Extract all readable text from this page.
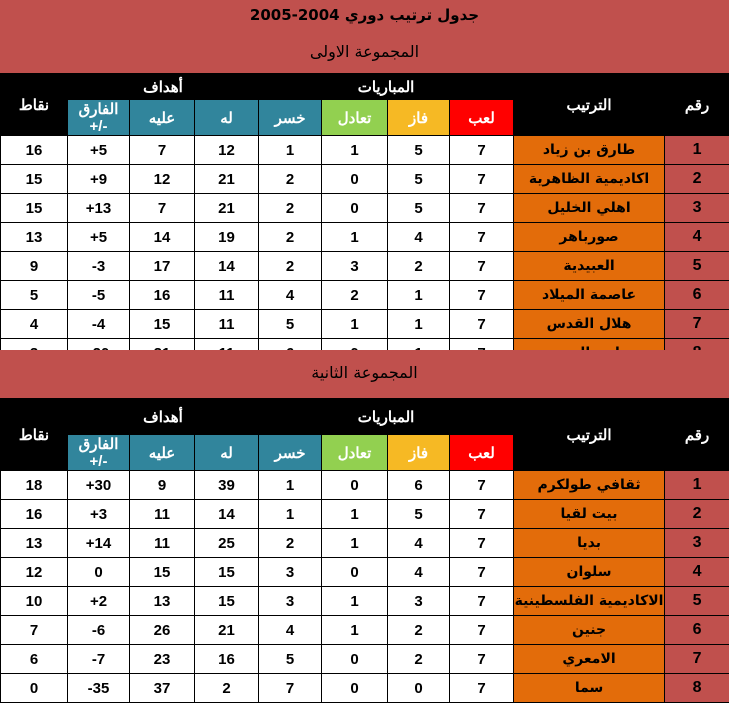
جدول ترتيب دوري 2004-2005
المجموعة الاولى
نقاط	أهداف			المباريات				الترتيب	رقم
	الفارق +/-	عليه	له	خسر	تعادل	فاز	لعب		
16	+5	7	12	1	1	5	7	طارق بن زياد	1
15	+9	12	21	2	0	5	7	اكاديمية الظاهرية	2
15	+13	7	21	2	0	5	7	اهلي الخليل	3
13	+5	14	19	2	1	4	7	صورباهر	4
9	-3	17	14	2	3	2	7	العبيدية	5
5	-5	16	11	4	2	1	7	عاصمة الميلاد	6
4	-4	15	11	5	1	1	7	هلال القدس	7

المجموعة الثانية
نقاط	أهداف			المباريات				الترتيب	رقم
	الفارق +/-	عليه	له	خسر	تعادل	فاز	لعب		
18	+30	9	39	1	0	6	7	ثقافي طولكرم	1
16	+3	11	14	1	1	5	7	بيت لقيا	2
13	+14	11	25	2	1	4	7	بديا	3
12	0	15	15	3	0	4	7	سلوان	4
10	+2	13	15	3	1	3	7	الاكاديمية الفلسطينية	5
7	-6	26	21	4	1	2	7	جنين	6
6	-7	23	16	5	0	2	7	الامعري	7
0	-35	37	2	7	0	0	7	سما	8
